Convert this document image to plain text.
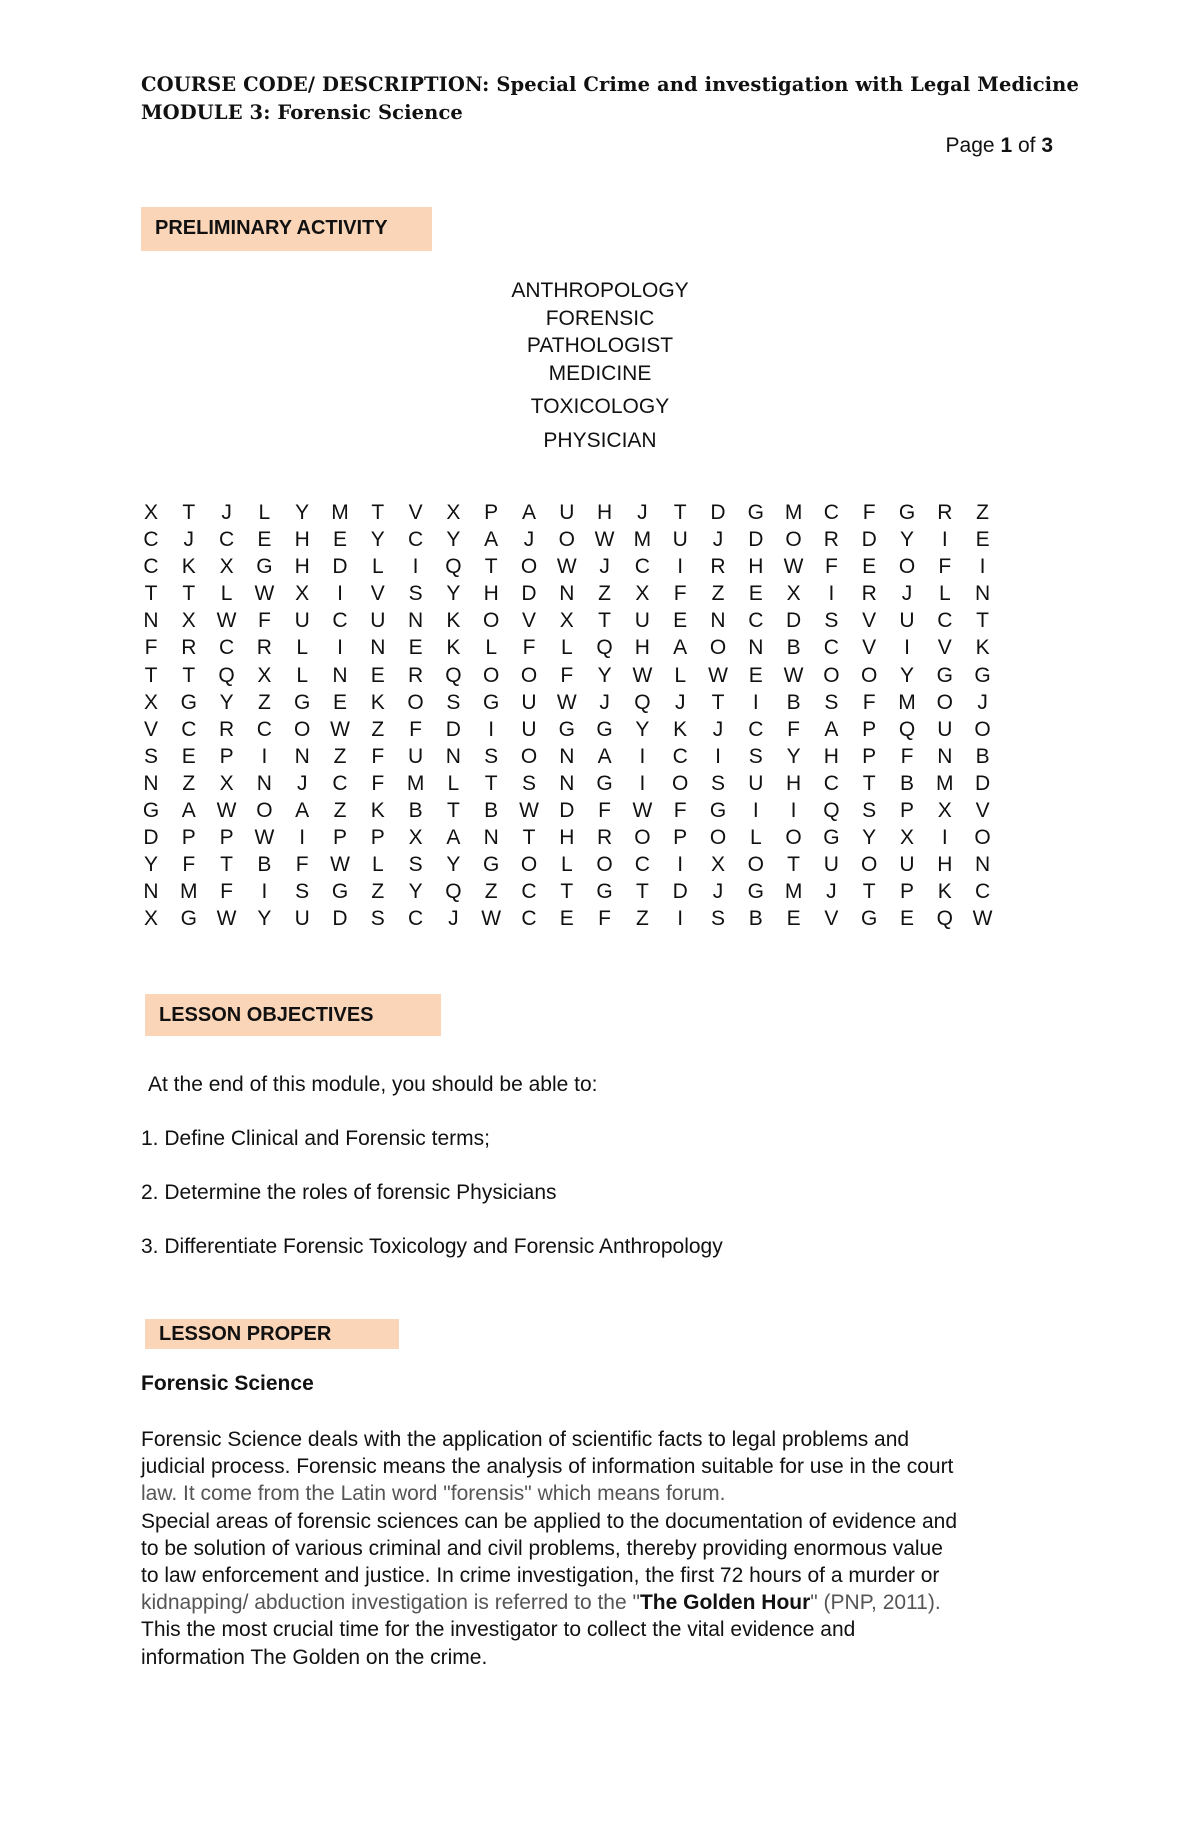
COURSE CODE/ DESCRIPTION: Special Crime and investigation with Legal Medicine
MODULE 3: Forensic Science
Page 1 of 3
PRELIMINARY ACTIVITY
ANTHROPOLOGY
FORENSIC
PATHOLOGIST
MEDICINE
TOXICOLOGY
PHYSICIAN
X	T	J	L	Y M	T	V X P A U H	J	T	D G M C	F	G R	Z
C	J	C E H E Y C Y A	J	O W M U	J	D O R D Y	I	E
C K X G H D	L	I	Q	T	O W	J	C	I	R H W	F	E O	F	I
T	T	L	W X	I	V S Y H D N	Z	X	F	Z	E X	I	R	J	L	N
N X W	F	U C U N K O V X	T	U E N C D S V U C	T
F	R C R	L	I	N E K	L	F	L	Q H A O N B C V	I	V K
T	T	Q X	L	N E R Q O O	F	Y W	L	W E W O O Y G G
X G Y	Z	G E K O S G U W	J	Q	J	T	I	B S	F	M O	J
V C R C O W	Z	F	D	I	U G G Y K	J	C	F	A P Q U O
S E P	I	N	Z	F	U N S O N A	I	C	I	S Y H P	F	N B
N	Z	X N	J	C	F	M	L	T	S N G	I	O S U H C	T	B M D
G A W O A	Z	K B	T	B W D	F	W	F	G	I	I	Q S P X V
D P P W	I	P P X A N	T	H R O P O	L	O G Y X	I	O
Y	F	T	B	F	W	L	S Y G O	L	O C	I	X O	T	U O U H N
N M	F	I	S G	Z	Y Q	Z	C	T	G	T	D	J	G M	J	T	P K C
X G W Y U D S C	J	W C E	F	Z	I	S B E V G E Q W
LESSON OBJECTIVES
At the end of this module, you should be able to:
1. Define Clinical and Forensic terms;
2. Determine the roles of forensic Physicians
3. Differentiate Forensic Toxicology and Forensic Anthropology
LESSON PROPER
Forensic Science
Forensic Science deals with the application of scientific facts to legal problems and
judicial process. Forensic means the analysis of information suitable for use in the court
law. It come from the Latin word "forensis" which means forum.
Special areas of forensic sciences can be applied to the documentation of evidence and
to be solution of various criminal and civil problems, thereby providing enormous value
to law enforcement and justice. In crime investigation, the first 72 hours of a murder or
kidnapping/ abduction investigation is referred to the "The Golden Hour" (PNP, 2011).
This the most crucial time for the investigator to collect the vital evidence and
information The Golden on the crime.
